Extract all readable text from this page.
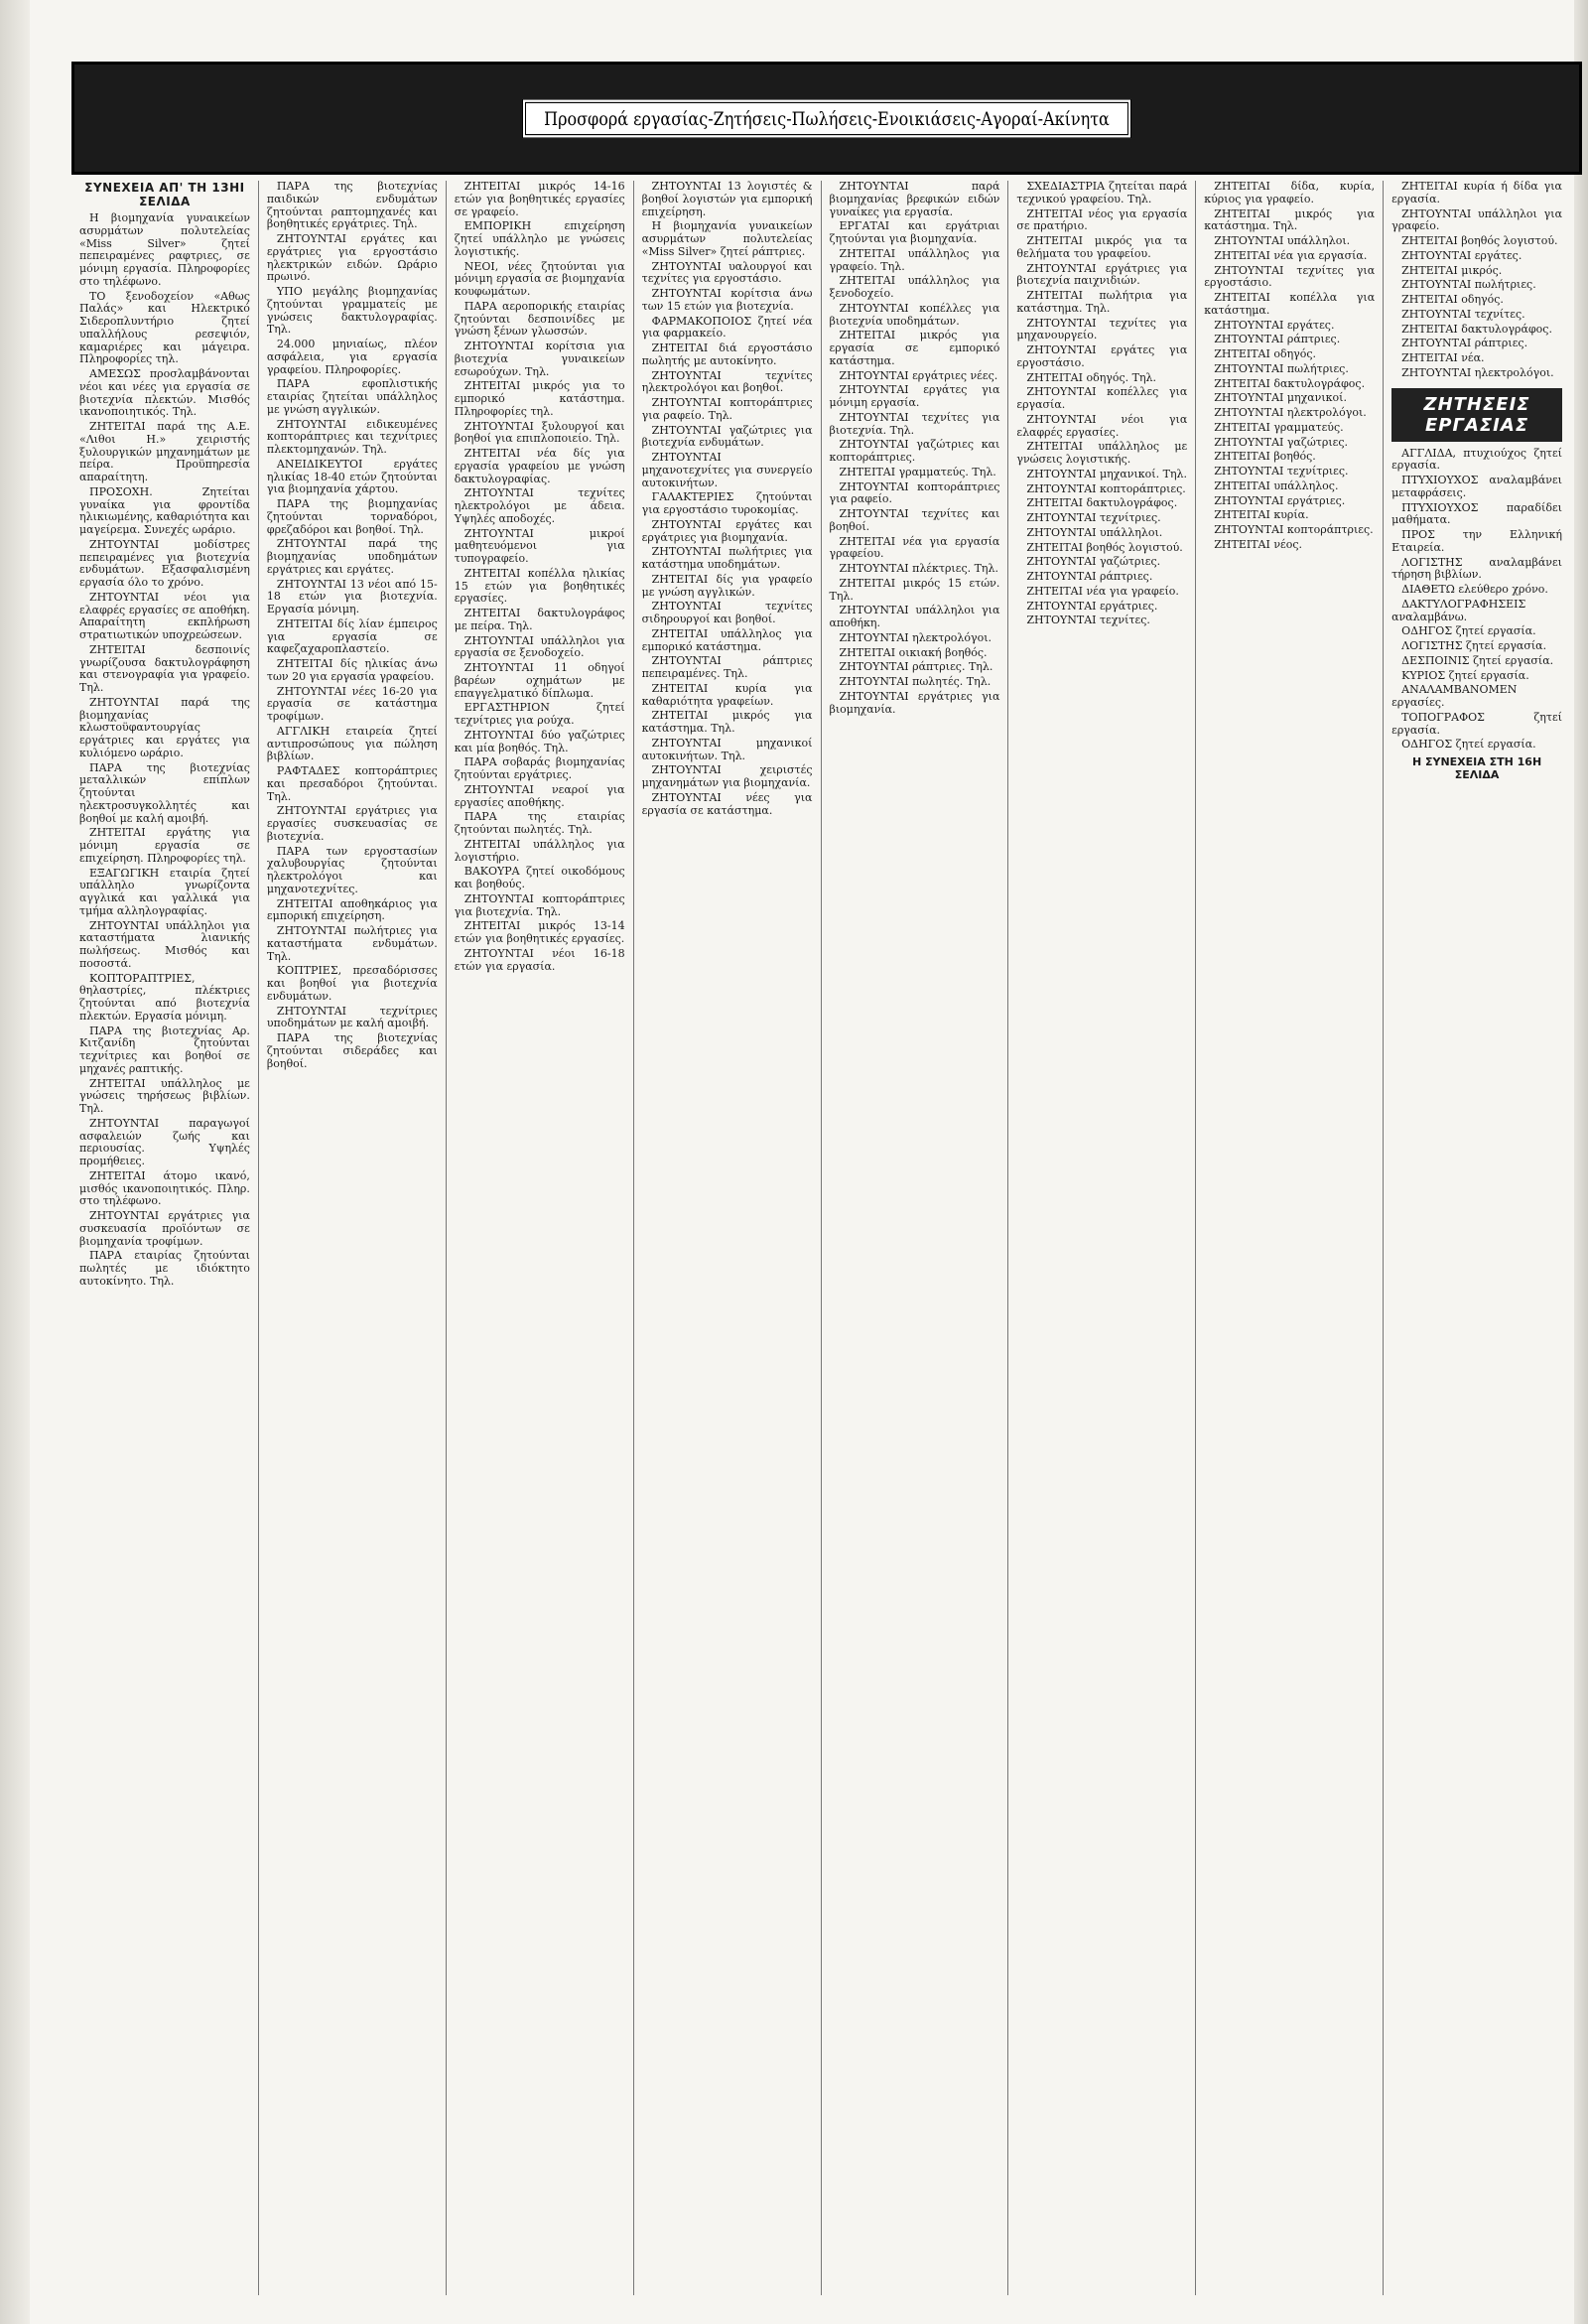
Προσφορά εργασίας-Ζητήσεις-Πωλήσεις-Ενοικιάσεις-Αγοραί-Ακίνητα
ΣΥΝΕΧΕΙΑ ΑΠ' ΤΗ 13ΗΙ ΣΕΛΙΔΑ

Η βιομηχανία γυναικείων ασυρμάτων πολυτελείας «Miss Silver» ζητεί πεπειραμένες ραφτριες, σε μόνιμη εργασία. Πληροφορίες στο τηλέφωνο.

ΤΟ ξενοδοχείον «Αθως Παλάς» και Ηλεκτρικό Σιδεροπλυντήριο ζητεί υπαλλήλους ρεσεψιόν, καμαριέρες και μάγειρα. Πληροφορίες τηλ.

ΑΜΕΣΩΣ προσλαμβάνονται νέοι και νέες για εργασία σε βιοτεχνία πλεκτών. Μισθός ικανοποιητικός. Τηλ.

ΖΗΤΕΙΤΑΙ παρά της Α.Ε. «Λιθοι Η.» χειριστής ξυλουργικών μηχανημάτων με πείρα. Προϋπηρεσία απαραίτητη.

ΠΡΟΣΟΧΗ. Ζητείται γυναίκα για φροντίδα ηλικιωμένης, καθαριότητα και μαγείρεμα. Συνεχές ωράριο.

ΖΗΤΟΥΝΤΑΙ μοδίστρες πεπειραμένες για βιοτεχνία ενδυμάτων. Εξασφαλισμένη εργασία όλο το χρόνο.

ΖΗΤΟΥΝΤΑΙ νέοι για ελαφρές εργασίες σε αποθήκη. Απαραίτητη εκπλήρωση στρατιωτικών υποχρεώσεων.

ΖΗΤΕΙΤΑΙ δεσποινίς γνωρίζουσα δακτυλογράφηση και στενογραφία για γραφείο. Τηλ.

ΖΗΤΟΥΝΤΑΙ παρά της βιομηχανίας κλωστοϋφαντουργίας εργάτριες και εργάτες για κυλιόμενο ωράριο.

ΠΑΡΑ της βιοτεχνίας μεταλλικών επίπλων ζητούνται ηλεκτροσυγκολλητές και βοηθοί με καλή αμοιβή.

ΖΗΤΕΙΤΑΙ εργάτης για μόνιμη εργασία σε επιχείρηση. Πληροφορίες τηλ.

ΕΞΑΓΩΓΙΚΗ εταιρία ζητεί υπάλληλο γνωρίζοντα αγγλικά και γαλλικά για τμήμα αλληλογραφίας.

ΖΗΤΟΥΝΤΑΙ υπάλληλοι για καταστήματα λιανικής πωλήσεως. Μισθός και ποσοστά.

ΚΟΠΤΟΡΑΠΤΡΙΕΣ, θηλαστρίες, πλέκτριες ζητούνται από βιοτεχνία πλεκτών. Εργασία μόνιμη.

ΠΑΡΑ της βιοτεχνίας Αρ. Κιτζανίδη ζητούνται τεχνίτριες και βοηθοί σε μηχανές ραπτικής.

ΖΗΤΕΙΤΑΙ υπάλληλος με γνώσεις τηρήσεως βιβλίων. Τηλ.

ΖΗΤΟΥΝΤΑΙ παραγωγοί ασφαλειών ζωής και περιουσίας. Υψηλές προμήθειες.

ΖΗΤΕΙΤΑΙ άτομο ικανό, μισθός ικανοποιητικός. Πληρ. στο τηλέφωνο.

ΖΗΤΟΥΝΤΑΙ εργάτριες για συσκευασία προϊόντων σε βιομηχανία τροφίμων.

ΠΑΡΑ εταιρίας ζητούνται πωλητές με ιδιόκτητο αυτοκίνητο. Τηλ.

ΠΑΡΑ της βιοτεχνίας παιδικών ενδυμάτων ζητούνται ραπτομηχανές και βοηθητικές εργάτριες. Τηλ.

ΖΗΤΟΥΝΤΑΙ εργάτες και εργάτριες για εργοστάσιο ηλεκτρικών ειδών. Ωράριο πρωινό.

ΥΠΟ μεγάλης βιομηχανίας ζητούνται γραμματείς με γνώσεις δακτυλογραφίας. Τηλ.

24.000 μηνιαίως, πλέον ασφάλεια, για εργασία γραφείου. Πληροφορίες.

ΠΑΡΑ εφοπλιστικής εταιρίας ζητείται υπάλληλος με γνώση αγγλικών.

ΖΗΤΟΥΝΤΑΙ ειδικευμένες κοπτοράπτριες και τεχνίτριες πλεκτομηχανών. Τηλ.

ΑΝΕΙΔΙΚΕΥΤΟΙ εργάτες ηλικίας 18-40 ετών ζητούνται για βιομηχανία χάρτου.

ΠΑΡΑ της βιομηχανίας ζητούνται τορναδόροι, φρεζαδόροι και βοηθοί. Τηλ.

ΖΗΤΟΥΝΤΑΙ παρά της βιομηχανίας υποδημάτων εργάτριες και εργάτες.

ΖΗΤΟΥΝΤΑΙ 13 νέοι από 15-18 ετών για βιοτεχνία. Εργασία μόνιμη.

ΖΗΤΕΙΤΑΙ δίς λίαν έμπειρος για εργασία σε καφεζαχαροπλαστείο.

ΖΗΤΕΙΤΑΙ δίς ηλικίας άνω των 20 για εργασία γραφείου.

ΖΗΤΟΥΝΤΑΙ νέες 16-20 για εργασία σε κατάστημα τροφίμων.

ΑΓΓΛΙΚΗ εταιρεία ζητεί αντιπροσώπους για πώληση βιβλίων.

ΡΑΦΤΑΔΕΣ κοπτοράπτριες και πρεσαδόροι ζητούνται. Τηλ.

ΖΗΤΟΥΝΤΑΙ εργάτριες για εργασίες συσκευασίας σε βιοτεχνία.

ΠΑΡΑ των εργοστασίων χαλυβουργίας ζητούνται ηλεκτρολόγοι και μηχανοτεχνίτες.

ΖΗΤΕΙΤΑΙ αποθηκάριος για εμπορική επιχείρηση.

ΖΗΤΟΥΝΤΑΙ πωλήτριες για καταστήματα ενδυμάτων. Τηλ.

ΚΟΠΤΡΙΕΣ, πρεσαδόρισσες και βοηθοί για βιοτεχνία ενδυμάτων.

ΖΗΤΟΥΝΤΑΙ τεχνίτριες υποδημάτων με καλή αμοιβή.

ΠΑΡΑ της βιοτεχνίας ζητούνται σιδεράδες και βοηθοί.

ΖΗΤΕΙΤΑΙ μικρός 14-16 ετών για βοηθητικές εργασίες σε γραφείο.

ΕΜΠΟΡΙΚΗ επιχείρηση ζητεί υπάλληλο με γνώσεις λογιστικής.

ΝΕΟΙ, νέες ζητούνται για μόνιμη εργασία σε βιομηχανία κουφωμάτων.

ΠΑΡΑ αεροπορικής εταιρίας ζητούνται δεσποινίδες με γνώση ξένων γλωσσών.

ΖΗΤΟΥΝΤΑΙ κορίτσια για βιοτεχνία γυναικείων εσωρούχων. Τηλ.

ΖΗΤΕΙΤΑΙ μικρός για το εμπορικό κατάστημα. Πληροφορίες τηλ.

ΖΗΤΟΥΝΤΑΙ ξυλουργοί και βοηθοί για επιπλοποιείο. Τηλ.

ΖΗΤΕΙΤΑΙ νέα δίς για εργασία γραφείου με γνώση δακτυλογραφίας.

ΖΗΤΟΥΝΤΑΙ τεχνίτες ηλεκτρολόγοι με άδεια. Υψηλές αποδοχές.

ΖΗΤΟΥΝΤΑΙ μικροί μαθητευόμενοι για τυπογραφείο.

ΖΗΤΕΙΤΑΙ κοπέλλα ηλικίας 15 ετών για βοηθητικές εργασίες.

ΖΗΤΕΙΤΑΙ δακτυλογράφος με πείρα. Τηλ.

ΖΗΤΟΥΝΤΑΙ υπάλληλοι για εργασία σε ξενοδοχείο.

ΖΗΤΟΥΝΤΑΙ 11 οδηγοί βαρέων οχημάτων με επαγγελματικό δίπλωμα.

ΕΡΓΑΣΤΗΡΙΟΝ ζητεί τεχνίτριες για ρούχα.

ΖΗΤΟΥΝΤΑΙ δύο γαζώτριες και μία βοηθός. Τηλ.

ΠΑΡΑ σοβαράς βιομηχανίας ζητούνται εργάτριες.

ΖΗΤΟΥΝΤΑΙ νεαροί για εργασίες αποθήκης.

ΠΑΡΑ της εταιρίας ζητούνται πωλητές. Τηλ.

ΖΗΤΕΙΤΑΙ υπάλληλος για λογιστήριο.

ΒΑΚΟΥΡΑ ζητεί οικοδόμους και βοηθούς.

ΖΗΤΟΥΝΤΑΙ κοπτοράπτριες για βιοτεχνία. Τηλ.

ΖΗΤΕΙΤΑΙ μικρός 13-14 ετών για βοηθητικές εργασίες.

ΖΗΤΟΥΝΤΑΙ νέοι 16-18 ετών για εργασία.

ΖΗΤΟΥΝΤΑΙ 13 λογιστές & βοηθοί λογιστών για εμπορική επιχείρηση.

Η βιομηχανία γυναικείων ασυρμάτων πολυτελείας «Miss Silver» ζητεί ράπτριες.

ΖΗΤΟΥΝΤΑΙ υαλουργοί και τεχνίτες για εργοστάσιο.

ΖΗΤΟΥΝΤΑΙ κορίτσια άνω των 15 ετών για βιοτεχνία.

ΦΑΡΜΑΚΟΠΟΙΟΣ ζητεί νέα για φαρμακείο.

ΖΗΤΕΙΤΑΙ διά εργοστάσιο πωλητής με αυτοκίνητο.

ΖΗΤΟΥΝΤΑΙ τεχνίτες ηλεκτρολόγοι και βοηθοί.

ΖΗΤΟΥΝΤΑΙ κοπτοράπτριες για ραφείο. Τηλ.

ΖΗΤΟΥΝΤΑΙ γαζώτριες για βιοτεχνία ενδυμάτων.

ΖΗΤΟΥΝΤΑΙ μηχανοτεχνίτες για συνεργείο αυτοκινήτων.

ΓΑΛΑΚΤΕΡΙΕΣ ζητούνται για εργοστάσιο τυροκομίας.

ΖΗΤΟΥΝΤΑΙ εργάτες και εργάτριες για βιομηχανία.

ΖΗΤΟΥΝΤΑΙ πωλήτριες για κατάστημα υποδημάτων.

ΖΗΤΕΙΤΑΙ δίς για γραφείο με γνώση αγγλικών.

ΖΗΤΟΥΝΤΑΙ τεχνίτες σιδηρουργοί και βοηθοί.

ΖΗΤΕΙΤΑΙ υπάλληλος για εμπορικό κατάστημα.

ΖΗΤΟΥΝΤΑΙ ράπτριες πεπειραμένες. Τηλ.

ΖΗΤΕΙΤΑΙ κυρία για καθαριότητα γραφείων.

ΖΗΤΕΙΤΑΙ μικρός για κατάστημα. Τηλ.

ΖΗΤΟΥΝΤΑΙ μηχανικοί αυτοκινήτων. Τηλ.

ΖΗΤΟΥΝΤΑΙ χειριστές μηχανημάτων για βιομηχανία.

ΖΗΤΟΥΝΤΑΙ νέες για εργασία σε κατάστημα.

ΖΗΤΟΥΝΤΑΙ παρά βιομηχανίας βρεφικών ειδών γυναίκες για εργασία.

ΕΡΓΑΤΑΙ και εργάτριαι ζητούνται για βιομηχανία.

ΖΗΤΕΙΤΑΙ υπάλληλος για γραφείο. Τηλ.

ΖΗΤΕΙΤΑΙ υπάλληλος για ξενοδοχείο.

ΖΗΤΟΥΝΤΑΙ κοπέλλες για βιοτεχνία υποδημάτων.

ΖΗΤΕΙΤΑΙ μικρός για εργασία σε εμπορικό κατάστημα.

ΖΗΤΟΥΝΤΑΙ εργάτριες νέες.

ΖΗΤΟΥΝΤΑΙ εργάτες για μόνιμη εργασία.

ΖΗΤΟΥΝΤΑΙ τεχνίτες για βιοτεχνία. Τηλ.

ΖΗΤΟΥΝΤΑΙ γαζώτριες και κοπτοράπτριες.

ΖΗΤΕΙΤΑΙ γραμματεύς. Τηλ.

ΖΗΤΟΥΝΤΑΙ κοπτοράπτριες για ραφείο.

ΖΗΤΟΥΝΤΑΙ τεχνίτες και βοηθοί.

ΖΗΤΕΙΤΑΙ νέα για εργασία γραφείου.

ΖΗΤΟΥΝΤΑΙ πλέκτριες. Τηλ.

ΖΗΤΕΙΤΑΙ μικρός 15 ετών. Τηλ.

ΖΗΤΟΥΝΤΑΙ υπάλληλοι για αποθήκη.

ΖΗΤΟΥΝΤΑΙ ηλεκτρολόγοι.

ΖΗΤΕΙΤΑΙ οικιακή βοηθός.

ΖΗΤΟΥΝΤΑΙ ράπτριες. Τηλ.

ΖΗΤΟΥΝΤΑΙ πωλητές. Τηλ.

ΖΗΤΟΥΝΤΑΙ εργάτριες για βιομηχανία.

ΣΧΕΔΙΑΣΤΡΙΑ ζητείται παρά τεχνικού γραφείου. Τηλ.

ΖΗΤΕΙΤΑΙ νέος για εργασία σε πρατήριο.

ΖΗΤΕΙΤΑΙ μικρός για τα θελήματα του γραφείου.

ΖΗΤΟΥΝΤΑΙ εργάτριες για βιοτεχνία παιχνιδιών.

ΖΗΤΕΙΤΑΙ πωλήτρια για κατάστημα. Τηλ.

ΖΗΤΟΥΝΤΑΙ τεχνίτες για μηχανουργείο.

ΖΗΤΟΥΝΤΑΙ εργάτες για εργοστάσιο.

ΖΗΤΕΙΤΑΙ οδηγός. Τηλ.

ΖΗΤΟΥΝΤΑΙ κοπέλλες για εργασία.

ΖΗΤΟΥΝΤΑΙ νέοι για ελαφρές εργασίες.

ΖΗΤΕΙΤΑΙ υπάλληλος με γνώσεις λογιστικής.

ΖΗΤΟΥΝΤΑΙ μηχανικοί. Τηλ.

ΖΗΤΟΥΝΤΑΙ κοπτοράπτριες.

ΖΗΤΕΙΤΑΙ δακτυλογράφος.

ΖΗΤΟΥΝΤΑΙ τεχνίτριες.

ΖΗΤΟΥΝΤΑΙ υπάλληλοι.

ΖΗΤΕΙΤΑΙ βοηθός λογιστού.

ΖΗΤΟΥΝΤΑΙ γαζώτριες.

ΖΗΤΟΥΝΤΑΙ ράπτριες.

ΖΗΤΕΙΤΑΙ νέα για γραφείο.

ΖΗΤΟΥΝΤΑΙ εργάτριες.

ΖΗΤΟΥΝΤΑΙ τεχνίτες.

ΖΗΤΕΙΤΑΙ δίδα, κυρία, κύριος για γραφείο.

ΖΗΤΕΙΤΑΙ μικρός για κατάστημα. Τηλ.

ΖΗΤΟΥΝΤΑΙ υπάλληλοι.

ΖΗΤΕΙΤΑΙ νέα για εργασία.

ΖΗΤΟΥΝΤΑΙ τεχνίτες για εργοστάσιο.

ΖΗΤΕΙΤΑΙ κοπέλλα για κατάστημα.

ΖΗΤΟΥΝΤΑΙ εργάτες.

ΖΗΤΟΥΝΤΑΙ ράπτριες.

ΖΗΤΕΙΤΑΙ οδηγός.

ΖΗΤΟΥΝΤΑΙ πωλήτριες.

ΖΗΤΕΙΤΑΙ δακτυλογράφος.

ΖΗΤΟΥΝΤΑΙ μηχανικοί.

ΖΗΤΟΥΝΤΑΙ ηλεκτρολόγοι.

ΖΗΤΕΙΤΑΙ γραμματεύς.

ΖΗΤΟΥΝΤΑΙ γαζώτριες.

ΖΗΤΕΙΤΑΙ βοηθός.

ΖΗΤΟΥΝΤΑΙ τεχνίτριες.

ΖΗΤΕΙΤΑΙ υπάλληλος.

ΖΗΤΟΥΝΤΑΙ εργάτριες.

ΖΗΤΕΙΤΑΙ κυρία.

ΖΗΤΟΥΝΤΑΙ κοπτοράπτριες.

ΖΗΤΕΙΤΑΙ νέος.

ΖΗΤΕΙΤΑΙ κυρία ή δίδα για εργασία.

ΖΗΤΟΥΝΤΑΙ υπάλληλοι για γραφείο.

ΖΗΤΕΙΤΑΙ βοηθός λογιστού.

ΖΗΤΟΥΝΤΑΙ εργάτες.

ΖΗΤΕΙΤΑΙ μικρός.

ΖΗΤΟΥΝΤΑΙ πωλήτριες.

ΖΗΤΕΙΤΑΙ οδηγός.

ΖΗΤΟΥΝΤΑΙ τεχνίτες.

ΖΗΤΕΙΤΑΙ δακτυλογράφος.

ΖΗΤΟΥΝΤΑΙ ράπτριες.

ΖΗΤΕΙΤΑΙ νέα.

ΖΗΤΟΥΝΤΑΙ ηλεκτρολόγοι.

ΖΗΤΗΣΕΙΣ ΕΡΓΑΣΙΑΣ

ΑΓΓΛΙΔΑ, πτυχιούχος ζητεί εργασία.

ΠΤΥΧΙΟΥΧΟΣ αναλαμβάνει μεταφράσεις.

ΠΤΥΧΙΟΥΧΟΣ παραδίδει μαθήματα.

ΠΡΟΣ την Ελληνική Εταιρεία.

ΛΟΓΙΣΤΗΣ αναλαμβάνει τήρηση βιβλίων.

ΔΙΑΘΕΤΩ ελεύθερο χρόνο.

ΔΑΚΤΥΛΟΓΡΑΦΗΣΕΙΣ αναλαμβάνω.

ΟΔΗΓΟΣ ζητεί εργασία.

ΛΟΓΙΣΤΗΣ ζητεί εργασία.

ΔΕΣΠΟΙΝΙΣ ζητεί εργασία.

ΚΥΡΙΟΣ ζητεί εργασία.

ΑΝΑΛΑΜΒΑΝΟΜΕΝ εργασίες.

ΤΟΠΟΓΡΑΦΟΣ ζητεί εργασία.

ΟΔΗΓΟΣ ζητεί εργασία.

Η ΣΥΝΕΧΕΙΑ ΣΤΗ 16Η ΣΕΛΙΔΑ
